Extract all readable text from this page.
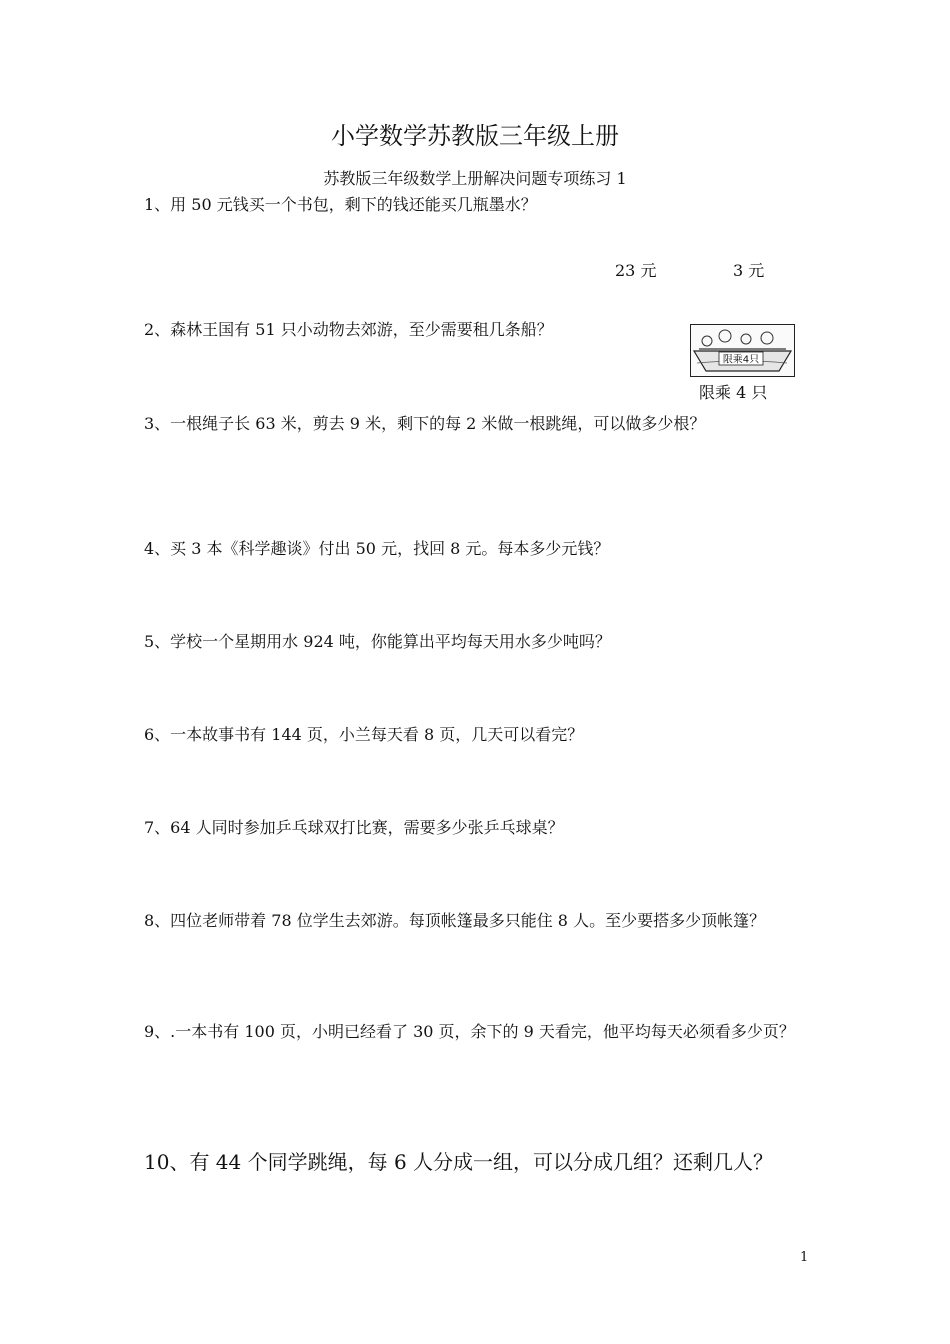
小学数学苏教版三年级上册
苏教版三年级数学上册解决问题专项练习 1
1、用 50 元钱买一个书包，剩下的钱还能买几瓶墨水？
23 元	3 元
2、森林王国有 51 只小动物去郊游，至少需要租几条船？
限乘4只
限乘 4 只
3、一根绳子长 63 米，剪去 9 米，剩下的每 2 米做一根跳绳，可以做多少根？
4、买 3 本《科学趣谈》付出 50 元，找回 8 元。每本多少元钱？
5、学校一个星期用水 924 吨，你能算出平均每天用水多少吨吗？
6、一本故事书有 144 页，小兰每天看 8 页，几天可以看完？
7、64 人同时参加乒乓球双打比赛，需要多少张乒乓球桌？
8、四位老师带着 78 位学生去郊游。每顶帐篷最多只能住 8 人。至少要搭多少顶帐篷？
9、.一本书有 100 页，小明已经看了 30 页，余下的 9 天看完，他平均每天必须看多少页？
10、有 44 个同学跳绳，每 6 人分成一组，可以分成几组？还剩几人？
1
